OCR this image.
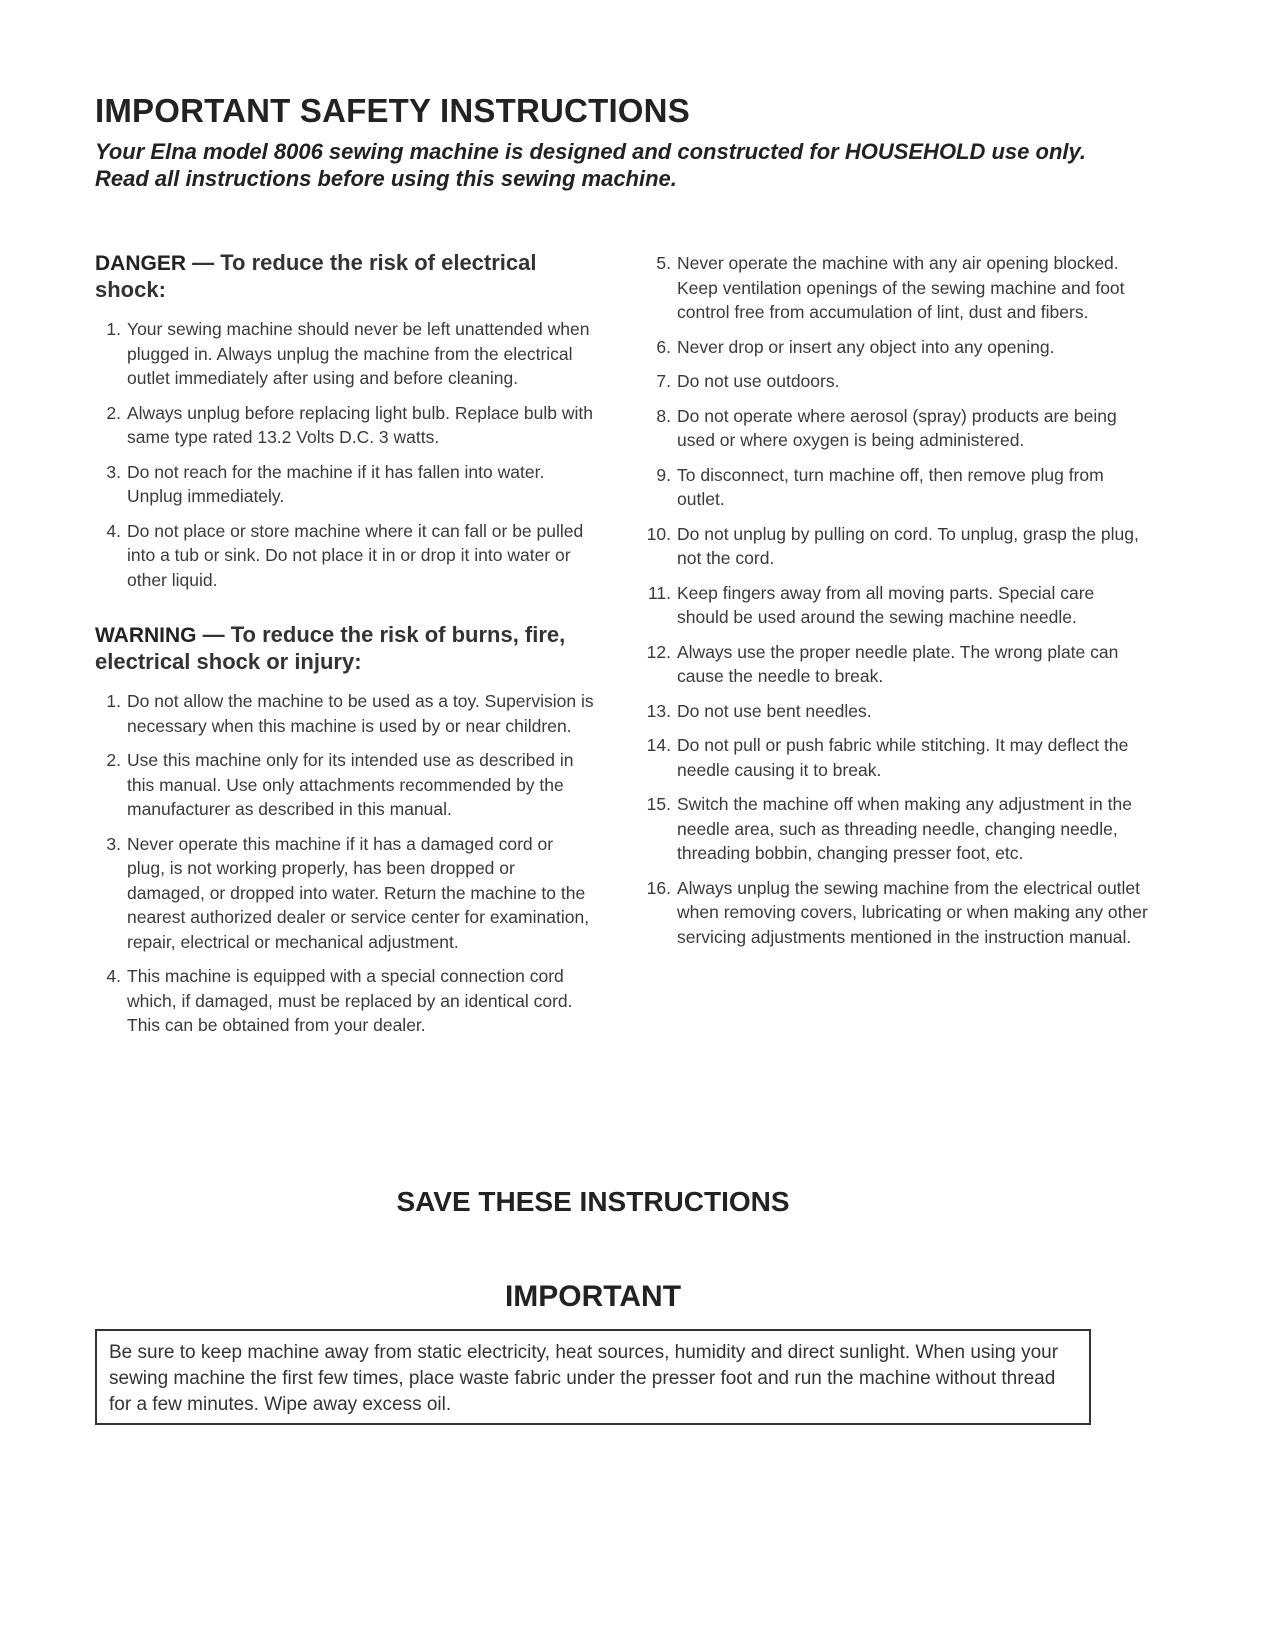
IMPORTANT SAFETY INSTRUCTIONS

Your Elna model 8006 sewing machine is designed and constructed for HOUSEHOLD use only. Read all instructions before using this sewing machine.

DANGER — To reduce the risk of electrical shock:
1. Your sewing machine should never be left unattended when plugged in. Always unplug the machine from the electrical outlet immediately after using and before cleaning.
2. Always unplug before replacing light bulb. Replace bulb with same type rated 13.2 Volts D.C. 3 watts.
3. Do not reach for the machine if it has fallen into water. Unplug immediately.
4. Do not place or store machine where it can fall or be pulled into a tub or sink. Do not place it in or drop it into water or other liquid.
WARNING — To reduce the risk of burns, fire, electrical shock or injury:
1. Do not allow the machine to be used as a toy. Supervision is necessary when this machine is used by or near children.
2. Use this machine only for its intended use as described in this manual. Use only attachments recommended by the manufacturer as described in this manual.
3. Never operate this machine if it has a damaged cord or plug, is not working properly, has been dropped or damaged, or dropped into water. Return the machine to the nearest authorized dealer or service center for examination, repair, electrical or mechanical adjustment.
4. This machine is equipped with a special connection cord which, if damaged, must be replaced by an identical cord. This can be obtained from your dealer.
5. Never operate the machine with any air opening blocked. Keep ventilation openings of the sewing machine and foot control free from accumulation of lint, dust and fibers.
6. Never drop or insert any object into any opening.
7. Do not use outdoors.
8. Do not operate where aerosol (spray) products are being used or where oxygen is being administered.
9. To disconnect, turn machine off, then remove plug from outlet.
10. Do not unplug by pulling on cord. To unplug, grasp the plug, not the cord.
11. Keep fingers away from all moving parts. Special care should be used around the sewing machine needle.
12. Always use the proper needle plate. The wrong plate can cause the needle to break.
13. Do not use bent needles.
14. Do not pull or push fabric while stitching. It may deflect the needle causing it to break.
15. Switch the machine off when making any adjustment in the needle area, such as threading needle, changing needle, threading bobbin, changing presser foot, etc.
16. Always unplug the sewing machine from the electrical outlet when removing covers, lubricating or when making any other servicing adjustments mentioned in the instruction manual.
SAVE THESE INSTRUCTIONS
IMPORTANT
Be sure to keep machine away from static electricity, heat sources, humidity and direct sunlight. When using your sewing machine the first few times, place waste fabric under the presser foot and run the machine without thread for a few minutes. Wipe away excess oil.
